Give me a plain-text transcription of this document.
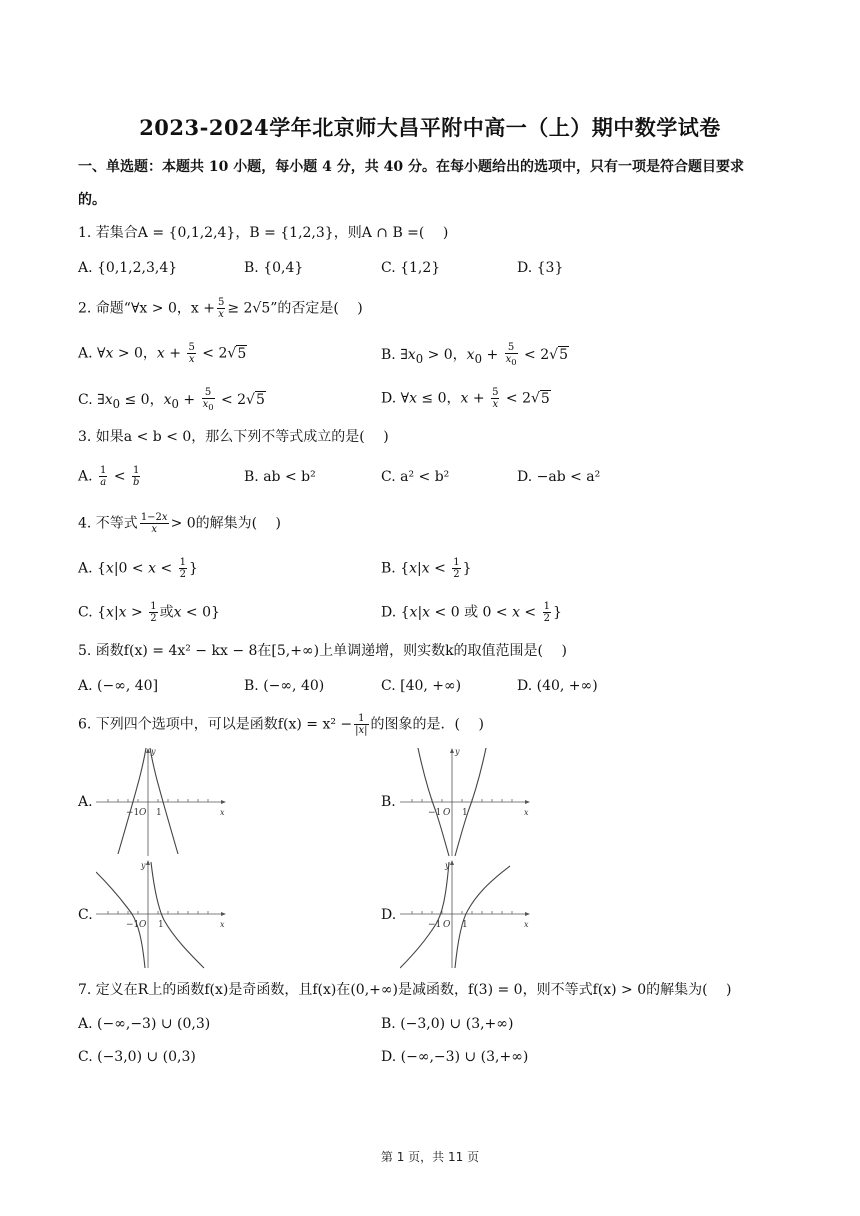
2023-2024学年北京师大昌平附中高一（上）期中数学试卷
一、单选题：本题共 10 小题，每小题 4 分，共 40 分。在每小题给出的选项中，只有一项是符合题目要求
的。
1. 若集合A = {0,1,2,4}，B = {1,2,3}，则A ∩ B =(　 )
A. {0,1,2,3,4}	B. {0,4}	C. {1,2}	D. {3}
2. 命题“∀x > 0，$x + \frac{5}{x} \ge 2√5$”的否定是(　 )
A. ∀x > 0，$x + \frac{5}{x} < 2√5$	B. $\exists x_0 > 0$，$x_0 + \frac{5}{x_0} < 2√5$
C. $\exists x_0 \le 0$，$x_0 + \frac{5}{x_0} < 2√5$	D. ∀x ≤ 0，$x + \frac{5}{x} < 2√5$
3. 如果a < b < 0，那么下列不等式成立的是(　 )
A. $\frac{1}{a} < \frac{1}{b}$	B. ab < b²	C. a² < b²	D. −ab < a²
4. 不等式 $\frac{1-2x}{x} > 0$的解集为(　 )
A. {$x|0 < x < \frac{1}{2}$ }	B. {$x|x < \frac{1}{2}$ }
C. {$x|x > \frac{1}{2}$ 或x < 0}	D. {x|x < 0 或 $0 < x < \frac{1}{2}$ }
5. 函数f(x) = 4x² − kx − 8在[5,+∞)上单调递增，则实数k的取值范围是(　 )
A. (−∞, 40]	B. (−∞, 40)	C. [40, +∞)	D. (40, +∞)
6. 下列四个选项中，可以是函数$f(x) = x^2 - \frac{1}{|x|}$ 的图象的是．(　 )
A.	B.
C.	D.
−1 O 1	x
y
−1 O 1	x
y
−1 O 1	x
y
−1 O 1	x
y
7. 定义在R上的函数f(x)是奇函数，且f(x)在(0,+∞)是减函数，f(3) = 0，则不等式f(x) > 0的解集为(　 )
A. (−∞,−3) ∪ (0,3)	B. (−3,0) ∪ (3,+∞)
C. (−3,0) ∪ (0,3)	D. (−∞,−3) ∪ (3,+∞)
第 1 页，共 11 页
